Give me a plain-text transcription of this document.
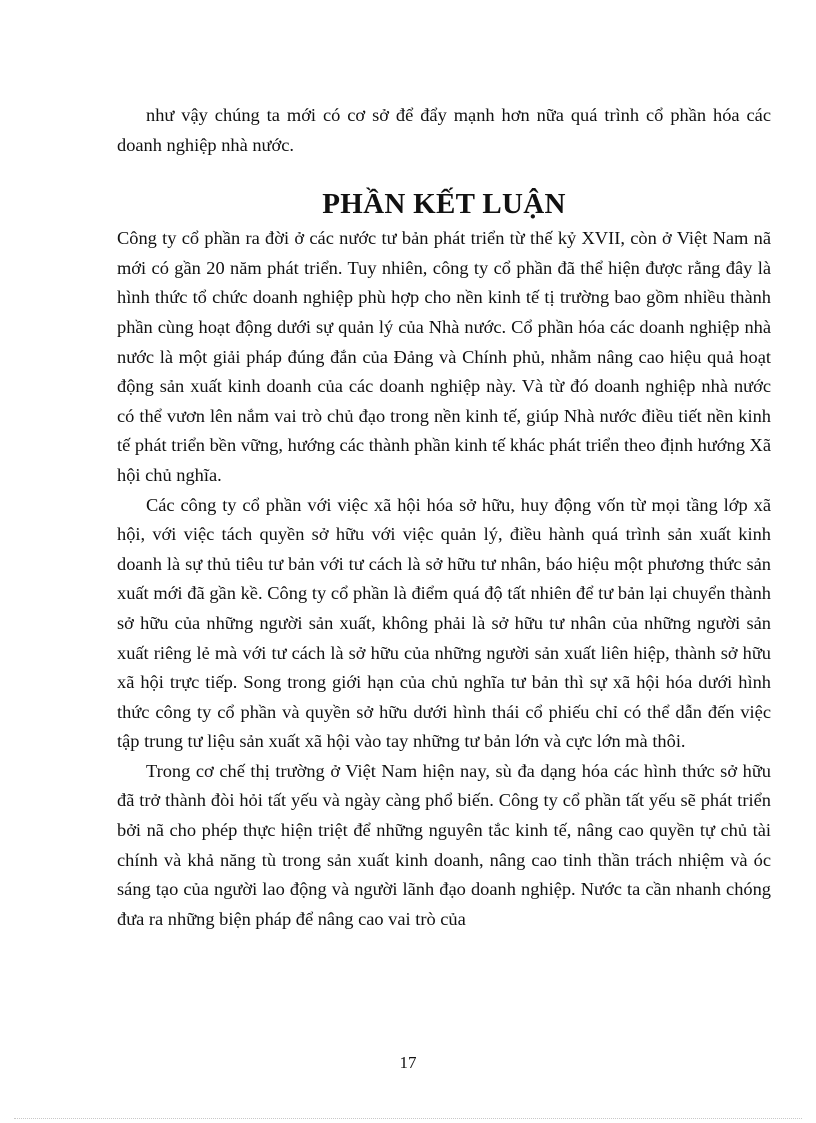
như vậy chúng ta mới có cơ sở để đẩy mạnh hơn nữa quá trình cổ phần hóa các doanh nghiệp nhà nước.

PHẦN KẾT LUẬN

Công ty cổ phần ra đời ở các nước tư bản phát triển từ thế kỷ XVII, còn ở Việt Nam nã mới có gần 20 năm phát triển. Tuy nhiên, công ty cổ phần đã thể hiện được rằng đây là hình thức tổ chức doanh nghiệp phù hợp cho nền kinh tế tị trường bao gồm nhiều thành phần cùng hoạt động dưới sự quản lý của Nhà nước. Cổ phần hóa các doanh nghiệp nhà nước là một giải pháp đúng đắn của Đảng và Chính phủ, nhằm nâng cao hiệu quả hoạt động sản xuất kinh doanh của các doanh nghiệp này. Và từ đó doanh nghiệp nhà nước có thể vươn lên nắm vai trò chủ đạo trong nền kinh tế, giúp Nhà nước điều tiết nền kinh tế phát triển bền vững, hướng các thành phần kinh tế khác phát triển theo định hướng Xã hội chủ nghĩa.

Các công ty cổ phần với việc xã hội hóa sở hữu, huy động vốn từ mọi tầng lớp xã hội, với việc tách quyền sở hữu với việc quản lý, điều hành quá trình sản xuất kinh doanh là sự thủ tiêu tư bản với tư cách là sở hữu tư nhân, báo hiệu một phương thức sản xuất mới đã gần kề. Công ty cổ phần là điểm quá độ tất nhiên để tư bản lại chuyển thành sở hữu của những người sản xuất, không phải là sở hữu tư nhân của những người sản xuất riêng lẻ mà với tư cách là sở hữu của những người sản xuất liên hiệp, thành sở hữu xã hội trực tiếp. Song trong giới hạn của chủ nghĩa tư bản thì sự xã hội hóa dưới hình thức công ty cổ phần và quyền sở hữu dưới hình thái cổ phiếu chỉ có thể dẫn đến việc tập trung tư liệu sản xuất xã hội vào tay những tư bản lớn và cực lớn mà thôi.

Trong cơ chế thị trường ở Việt Nam hiện nay, sù đa dạng hóa các hình thức sở hữu đã trở thành đòi hỏi tất yếu và ngày càng phổ biến. Công ty cổ phần tất yếu sẽ phát triển bởi nã cho phép thực hiện triệt để những nguyên tắc kinh tế, nâng cao quyền tự chủ tài chính và khả năng tù trong sản xuất kinh doanh, nâng cao tinh thần trách nhiệm và óc sáng tạo của người lao động và người lãnh đạo doanh nghiệp. Nước ta cần nhanh chóng đưa ra những biện pháp để nâng cao vai trò của

17
